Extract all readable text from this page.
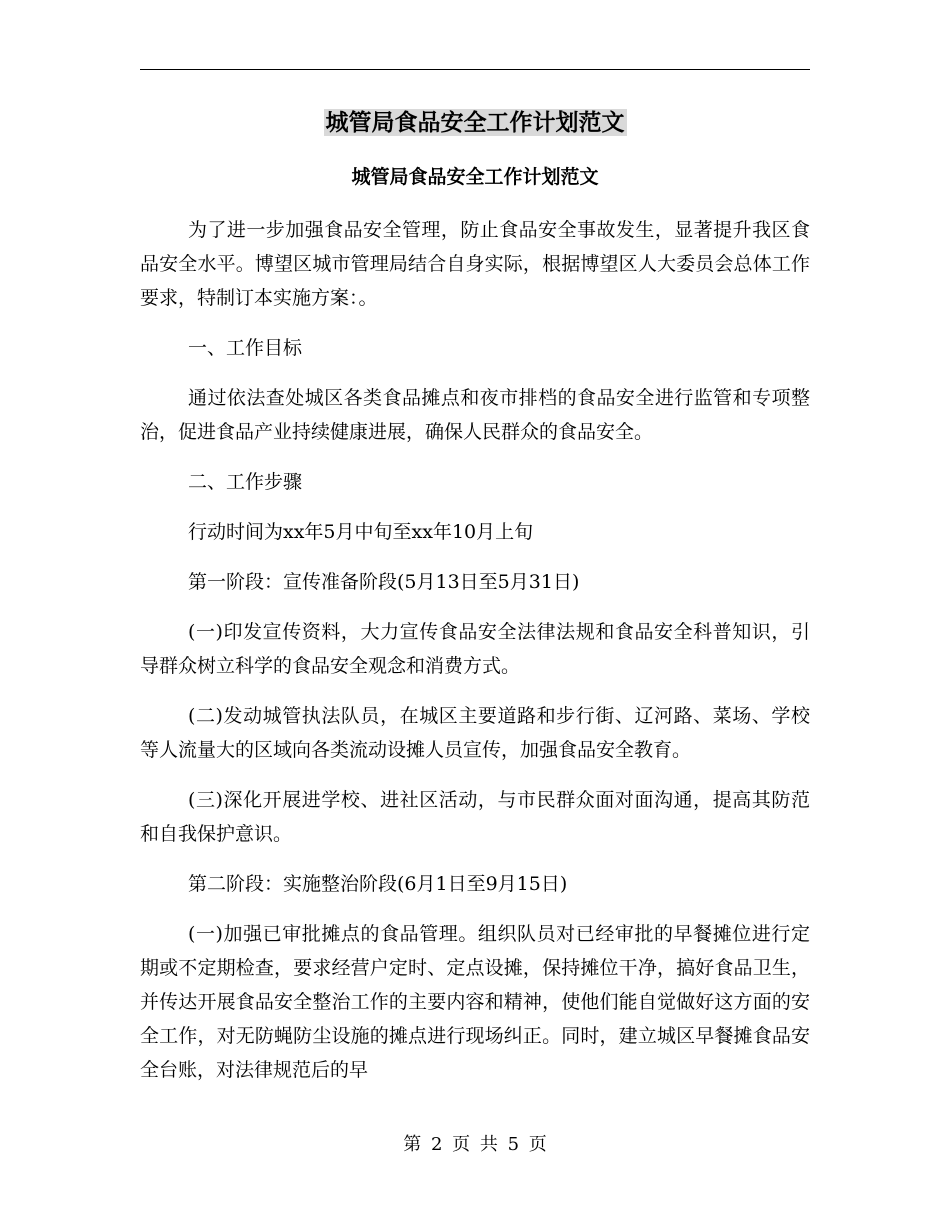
城管局食品安全工作计划范文
城管局食品安全工作计划范文

为了进一步加强食品安全管理，防止食品安全事故发生，显著提升我区食品安全水平。博望区城市管理局结合自身实际，根据博望区人大委员会总体工作要求，特制订本实施方案：。

一、工作目标

通过依法查处城区各类食品摊点和夜市排档的食品安全进行监管和专项整治，促进食品产业持续健康进展，确保人民群众的食品安全。

二、工作步骤

行动时间为xx年5月中旬至xx年10月上旬

第一阶段：宣传准备阶段(5月13日至5月31日)

(一)印发宣传资料，大力宣传食品安全法律法规和食品安全科普知识，引导群众树立科学的食品安全观念和消费方式。

(二)发动城管执法队员，在城区主要道路和步行街、辽河路、菜场、学校等人流量大的区域向各类流动设摊人员宣传，加强食品安全教育。

(三)深化开展进学校、进社区活动，与市民群众面对面沟通，提高其防范和自我保护意识。

第二阶段：实施整治阶段(6月1日至9月15日)

(一)加强已审批摊点的食品管理。组织队员对已经审批的早餐摊位进行定期或不定期检查，要求经营户定时、定点设摊，保持摊位干净，搞好食品卫生，并传达开展食品安全整治工作的主要内容和精神，使他们能自觉做好这方面的安全工作，对无防蝇防尘设施的摊点进行现场纠正。同时，建立城区早餐摊食品安全台账，对法律规范后的早

第 2 页 共 5 页
